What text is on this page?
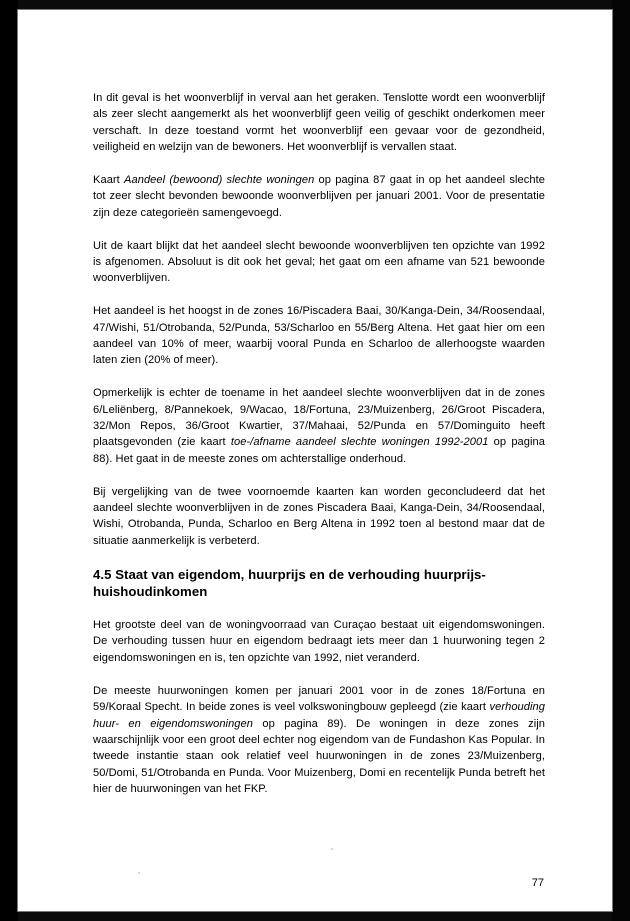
In dit geval is het woonverblijf in verval aan het geraken. Tenslotte wordt een woonverblijf als zeer slecht aangemerkt als het woonverblijf geen veilig of geschikt onderkomen meer verschaft. In deze toestand vormt het woonverblijf een gevaar voor de gezondheid, veiligheid en welzijn van de bewoners. Het woonverblijf is vervallen staat.

Kaart Aandeel (bewoond) slechte woningen op pagina 87 gaat in op het aandeel slechte tot zeer slecht bevonden bewoonde woonverblijven per januari 2001. Voor de presentatie zijn deze categorieën samengevoegd.

Uit de kaart blijkt dat het aandeel slecht bewoonde woonverblijven ten opzichte van 1992 is afgenomen. Absoluut is dit ook het geval; het gaat om een afname van 521 bewoonde woonverblijven.

Het aandeel is het hoogst in de zones 16/Piscadera Baai, 30/Kanga-Dein, 34/Roosendaal, 47/Wishi, 51/Otrobanda, 52/Punda, 53/Scharloo en 55/Berg Altena. Het gaat hier om een aandeel van 10% of meer, waarbij vooral Punda en Scharloo de allerhoogste waarden laten zien (20% of meer).

Opmerkelijk is echter de toename in het aandeel slechte woonverblijven dat in de zones 6/Leliënberg, 8/Pannekoek, 9/Wacao, 18/Fortuna, 23/Muizenberg, 26/Groot Piscadera, 32/Mon Repos, 36/Groot Kwartier, 37/Mahaai, 52/Punda en 57/Dominguito heeft plaatsgevonden (zie kaart toe-/afname aandeel slechte woningen 1992-2001 op pagina 88). Het gaat in de meeste zones om achterstallige onderhoud.

Bij vergelijking van de twee voornoemde kaarten kan worden geconcludeerd dat het aandeel slechte woonverblijven in de zones Piscadera Baai, Kanga-Dein, 34/Roosendaal, Wishi, Otrobanda, Punda, Scharloo en Berg Altena in 1992 toen al bestond maar dat de situatie aanmerkelijk is verbeterd.

4.5 Staat van eigendom, huurprijs en de verhouding huurprijs-huishoudinkomen

Het grootste deel van de woningvoorraad van Curaçao bestaat uit eigendomswoningen. De verhouding tussen huur en eigendom bedraagt iets meer dan 1 huurwoning tegen 2 eigendomswoningen en is, ten opzichte van 1992, niet veranderd.

De meeste huurwoningen komen per januari 2001 voor in de zones 18/Fortuna en 59/Koraal Specht. In beide zones is veel volkswoningbouw gepleegd (zie kaart verhouding huur- en eigendomswoningen op pagina 89). De woningen in deze zones zijn waarschijnlijk voor een groot deel echter nog eigendom van de Fundashon Kas Popular. In tweede instantie staan ook relatief veel huurwoningen in de zones 23/Muizenberg, 50/Domi, 51/Otrobanda en Punda. Voor Muizenberg, Domi en recentelijk Punda betreft het hier de huurwoningen van het FKP.

77
